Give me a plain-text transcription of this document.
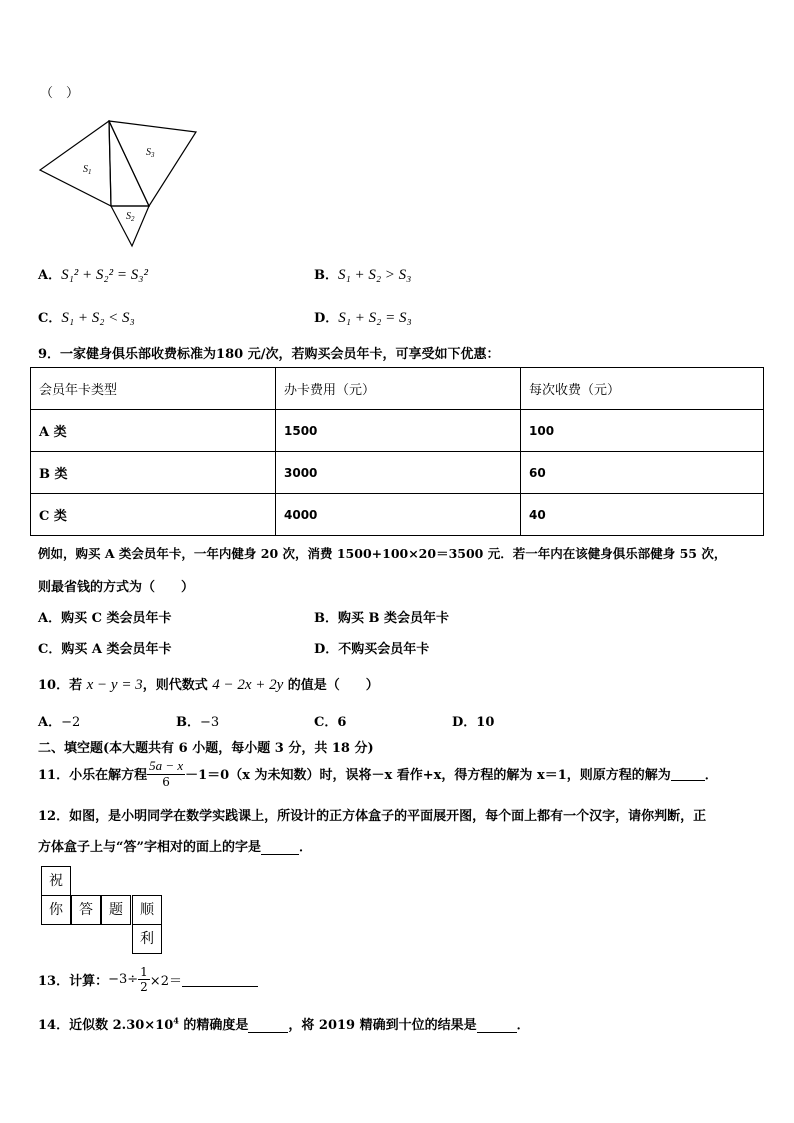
（　）
$S_1$
$S_3$
$S_2$
A．S₁² + S₂² = S₃²	B．S₁ + S₂ > S₃
C．S₁ + S₂ < S₃	D．S₁ + S₂ = S₃
9．一家健身俱乐部收费标准为180 元/次，若购买会员年卡，可享受如下优惠：
会员年卡类型	办卡费用（元）	每次收费（元）
A 类	1500	100
B 类	3000	60
C 类	4000	40
例如，购买 A 类会员年卡，一年内健身 20 次，消费 1500+100×20＝3500 元．若一年内在该健身俱乐部健身 55 次，
则最省钱的方式为（　　）
A．购买 C 类会员年卡	B．购买 B 类会员年卡
C．购买 A 类会员年卡	D．不购买会员年卡
10．若 x − y = 3，则代数式 4 − 2x + 2y 的值是（　　）
A．−2	B．−3	C．6	D．10
二、填空题(本大题共有 6 小题，每小题 3 分，共 18 分)
11．小乐在解方程 $\frac{5a - x}{6} -1=0(x$ 为未知数）时，误将－x 看作+x，得方程的解为 x＝1，则原方程的解为	．
12．如图，是小明同学在数学实践课上，所设计的正方体盒子的平面展开图，每个面上都有一个汉字，请你判断，正
方体盒子上与“答”字相对的面上的字是	．
祝
你	答	题	顺
利
13．计算：$-3\div \frac{1}{2} \times 2=$
14．近似数 $2.30\times 10^4$ 的精确度是	，将 2019 精确到十位的结果是	．
